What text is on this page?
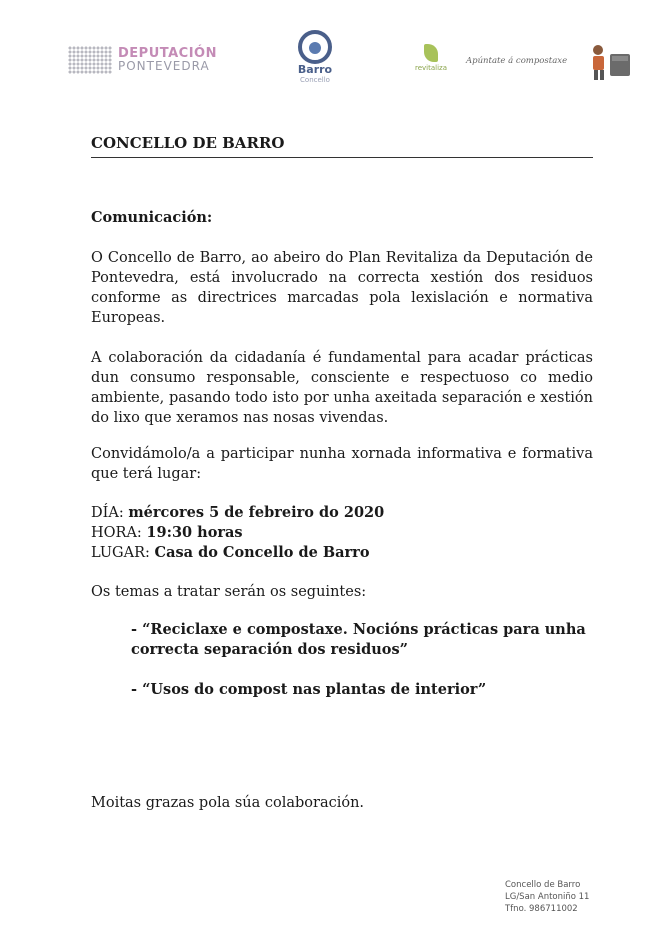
DEPUTACIÓN
PONTEVEDRA	Barro
Concello
revitaliza
Apúntate á compostaxe
CONCELLO DE BARRO
Comunicación:
O Concello de Barro, ao abeiro do Plan Revitaliza da Deputación de Pontevedra, está involucrado na correcta xestión dos residuos conforme as directrices marcadas pola lexislación e normativa Europeas.
A colaboración da cidadanía é fundamental para acadar prácticas dun consumo responsable, consciente e respectuoso co medio ambiente, pasando todo isto por unha axeitada separación e xestión do lixo que xeramos nas nosas vivendas.
Convidámolo/a a participar nunha xornada informativa e formativa que terá lugar:
DÍA: mércores 5 de febreiro do 2020
HORA: 19:30 horas
LUGAR: Casa do Concello de Barro
Os temas a tratar serán os seguintes:
- “Reciclaxe e compostaxe. Nocións prácticas para unha correcta separación dos residuos”
- “Usos do compost nas plantas de interior”
Moitas grazas pola súa colaboración.
Concello de Barro
LG/San Antoniño 11
Tfno. 986711002
